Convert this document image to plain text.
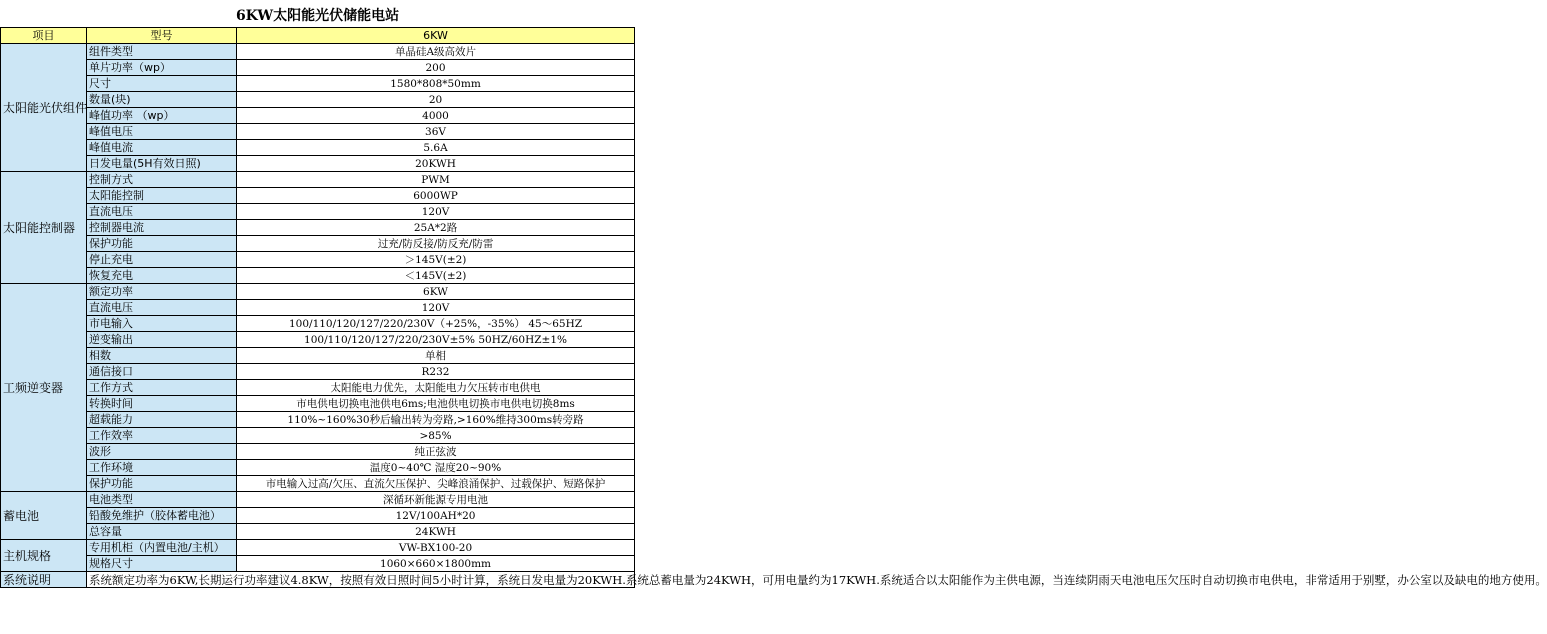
6KW太阳能光伏储能电站		
项目	型号	6KW
太阳能光伏组件	组件类型	单晶硅A级高效片
	单片功率（wp）	200
	尺寸	1580*808*50mm
	数量(块)	20
	峰值功率 （wp）	4000
	峰值电压	36V
	峰值电流	5.6A
	日发电量(5H有效日照)	20KWH
太阳能控制器	控制方式	PWM
	太阳能控制	6000WP
	直流电压	120V
	控制器电流	25A*2路
	保护功能	过充/防反接/防反充/防雷
	停止充电	＞145V(±2)
	恢复充电	＜145V(±2)
工频逆变器	额定功率	6KW
	直流电压	120V
	市电输入	100/110/120/127/220/230V（+25%，-35%） 45～65HZ
	逆变输出	100/110/120/127/220/230V±5% 50HZ/60HZ±1%
	相数	单相
	通信接口	R232
	工作方式	太阳能电力优先，太阳能电力欠压转市电供电
	转换时间	市电供电切换电池供电6ms;电池供电切换市电供电切换8ms
	超载能力	110%~160%30秒后输出转为旁路,>160%维持300ms转旁路
	工作效率	>85%
	波形	纯正弦波
	工作环境	温度0~40℃ 湿度20~90%
	保护功能	市电输入过高/欠压、直流欠压保护、尖峰浪涌保护、过载保护、短路保护
蓄电池	电池类型	深循环新能源专用电池
	铅酸免维护（胶体蓄电池）	12V/100AH*20
	总容量	24KWH
主机规格	专用机柜（内置电池/主机）	VW-BX100-20
	规格尺寸	1060×660×1800mm
系统说明	系统额定功率为6KW,长期运行功率建议4.8KW，按照有效日照时间5小时计算，系统日发电量为20KWH.系统总蓄电量为24KWH，可用电量约为17KWH.系统适合以太阳能作为主供电源，当连续阴雨天电池电压欠压时自动切换市电供电，非常适用于别墅，办公室以及缺电的地方使用。	
